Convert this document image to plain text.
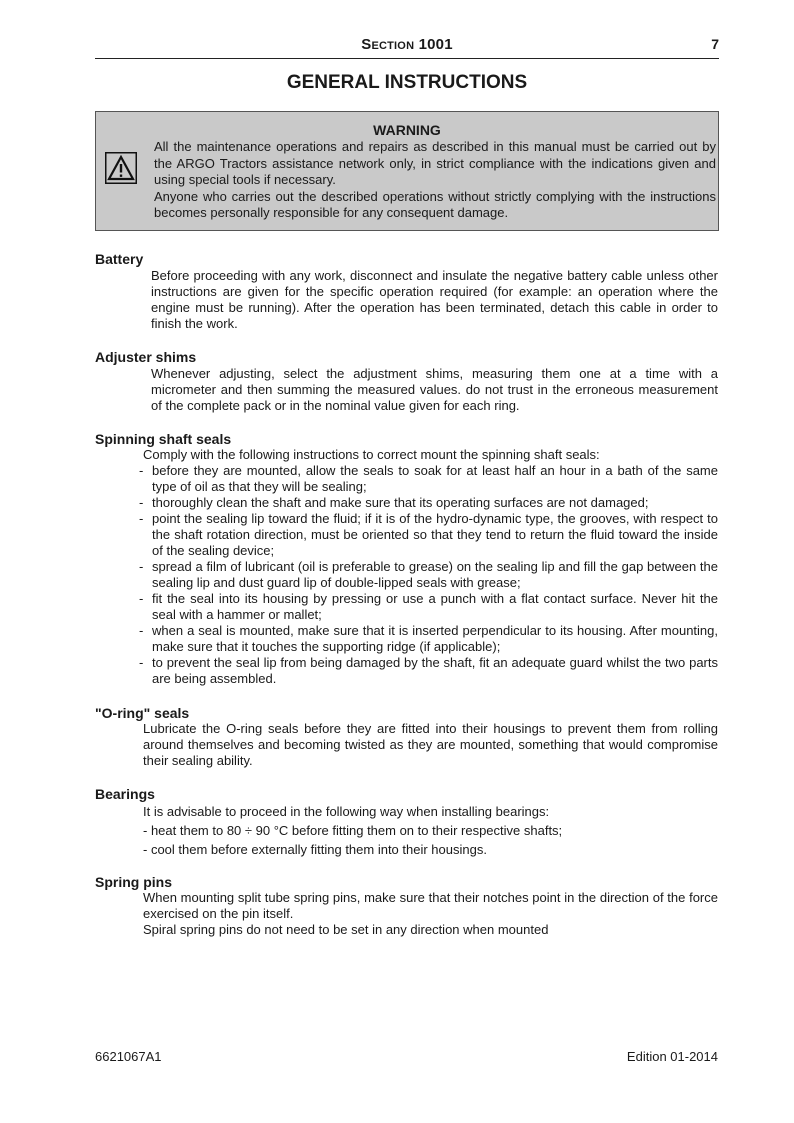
Section 1001	7
GENERAL INSTRUCTIONS
WARNING

All the maintenance operations and repairs as described in this manual must be carried out by the ARGO Tractors assistance network only, in strict compliance with the indications given and using special tools if necessary.

Anyone who carries out the described operations without strictly complying with the instructions becomes personally responsible for any consequent damage.

Battery

Before proceeding with any work, disconnect and insulate the negative battery cable unless other instructions are given for the specific operation required (for example: an operation where the engine must be running). After the operation has been terminated, detach this cable in order to finish the work.

Adjuster shims

Whenever adjusting, select the adjustment shims, measuring them one at a time with a micrometer and then summing the measured values. do not trust in the erroneous measurement of the complete pack or in the nominal value given for each ring.

Spinning shaft seals

Comply with the following instructions to correct mount the spinning shaft seals:

- before they are mounted, allow the seals to soak for at least half an hour in a bath of the same type of oil as that they will be sealing;
- thoroughly clean the shaft and make sure that its operating surfaces are not damaged;
- point the sealing lip toward the fluid; if it is of the hydro-dynamic type, the grooves, with respect to the shaft rotation direction, must be oriented so that they tend to return the fluid toward the inside of the sealing device;
- spread a film of lubricant (oil is preferable to grease) on the sealing lip and fill the gap between the sealing lip and dust guard lip of double-lipped seals with grease;
- fit the seal into its housing by pressing or use a punch with a flat contact surface. Never hit the seal with a hammer or mallet;
- when a seal is mounted, make sure that it is inserted perpendicular to its housing. After mounting, make sure that it touches the supporting ridge (if applicable);
- to prevent the seal lip from being damaged by the shaft, fit an adequate guard whilst the two parts are being assembled.
"O-ring" seals

Lubricate the O-ring seals before they are fitted into their housings to prevent them from rolling around themselves and becoming twisted as they are mounted, something that would compromise their sealing ability.

Bearings

It is advisable to proceed in the following way when installing bearings:

- heat them to 80 ÷ 90 °C before fitting them on to their respective shafts;
- cool them before externally fitting them into their housings.
Spring pins

When mounting split tube spring pins, make sure that their notches point in the direction of the force exercised on the pin itself.

Spiral spring pins do not need to be set in any direction when mounted

6621067A1	Edition 01-2014
